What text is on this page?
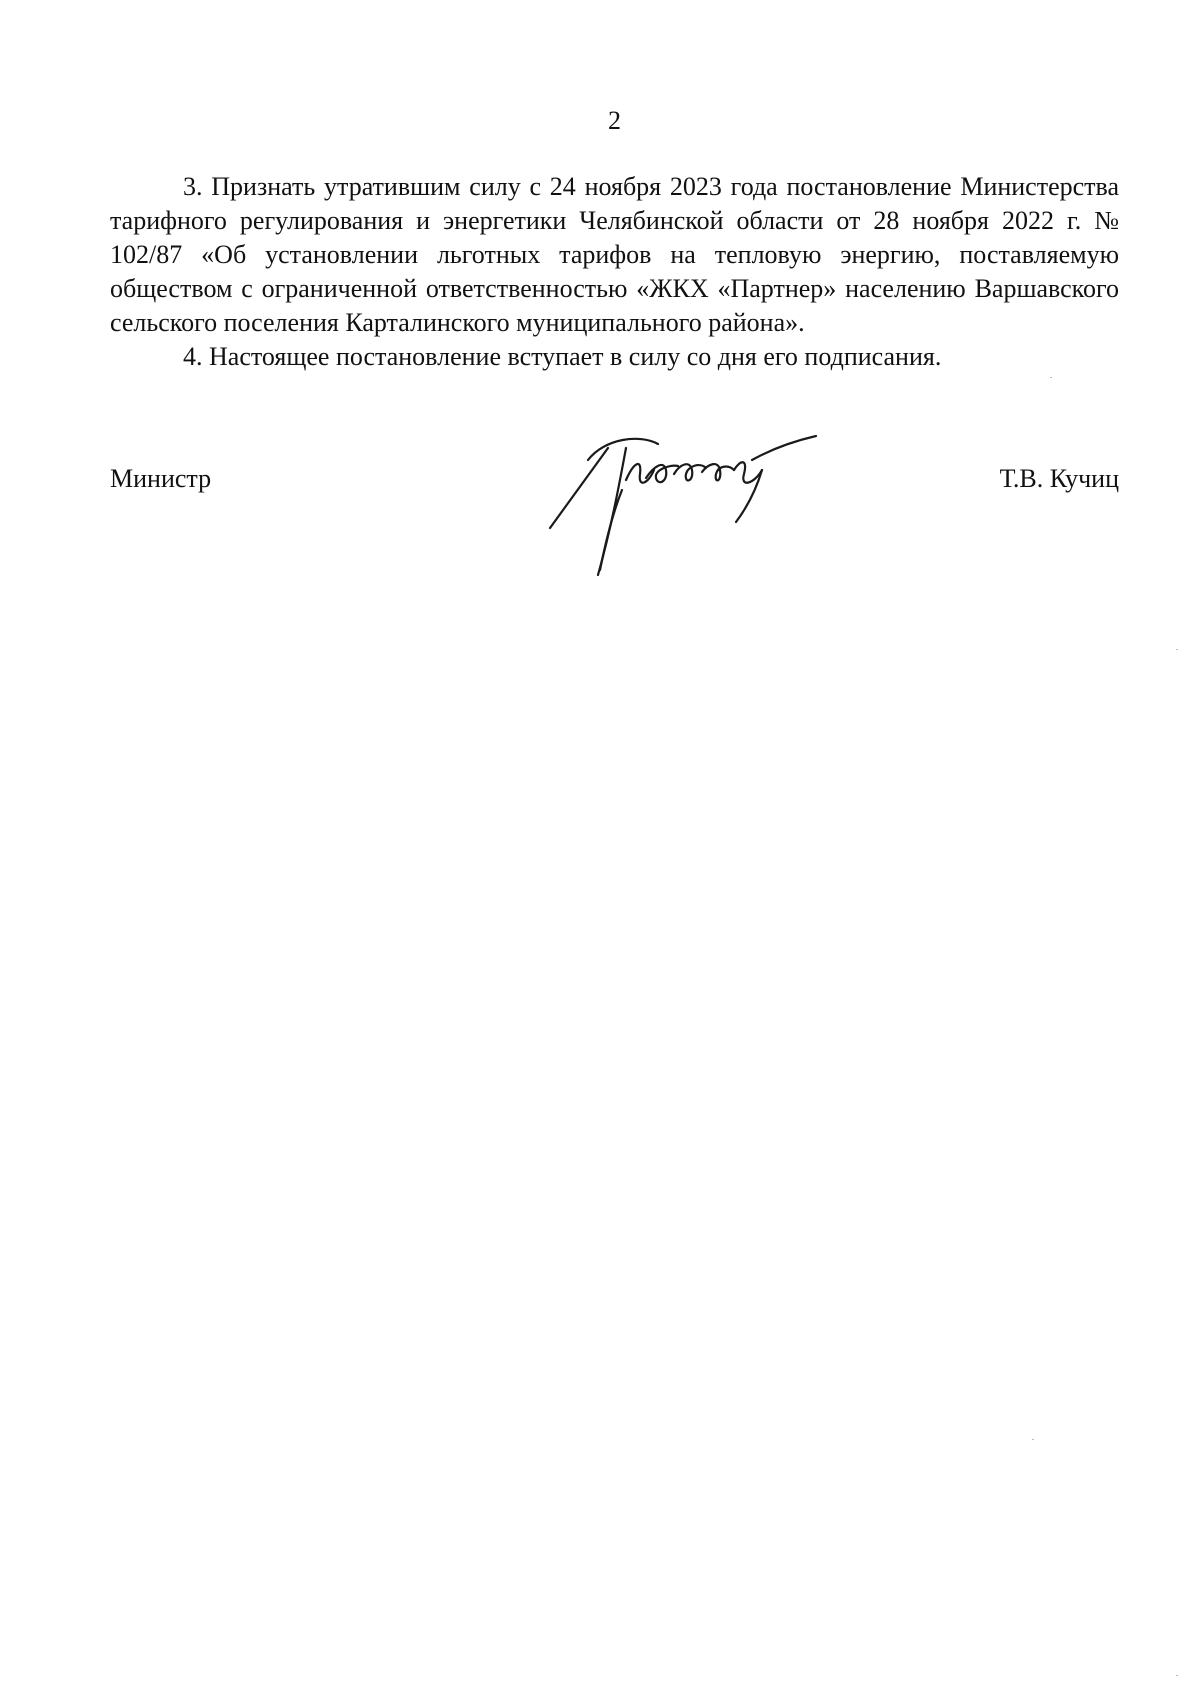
2

3. Признать утратившим силу с 24 ноября 2023 года постановление Министерства тарифного регулирования и энергетики Челябинской области от 28 ноября 2022 г. № 102/87 «Об установлении льготных тарифов на тепловую энергию, поставляемую обществом с ограниченной ответственностью «ЖКХ «Партнер» населению Варшавского сельского поселения Карталинского муниципального района».

4. Настоящее постановление вступает в силу со дня его подписания.

Министр	Т.В. Кучиц
